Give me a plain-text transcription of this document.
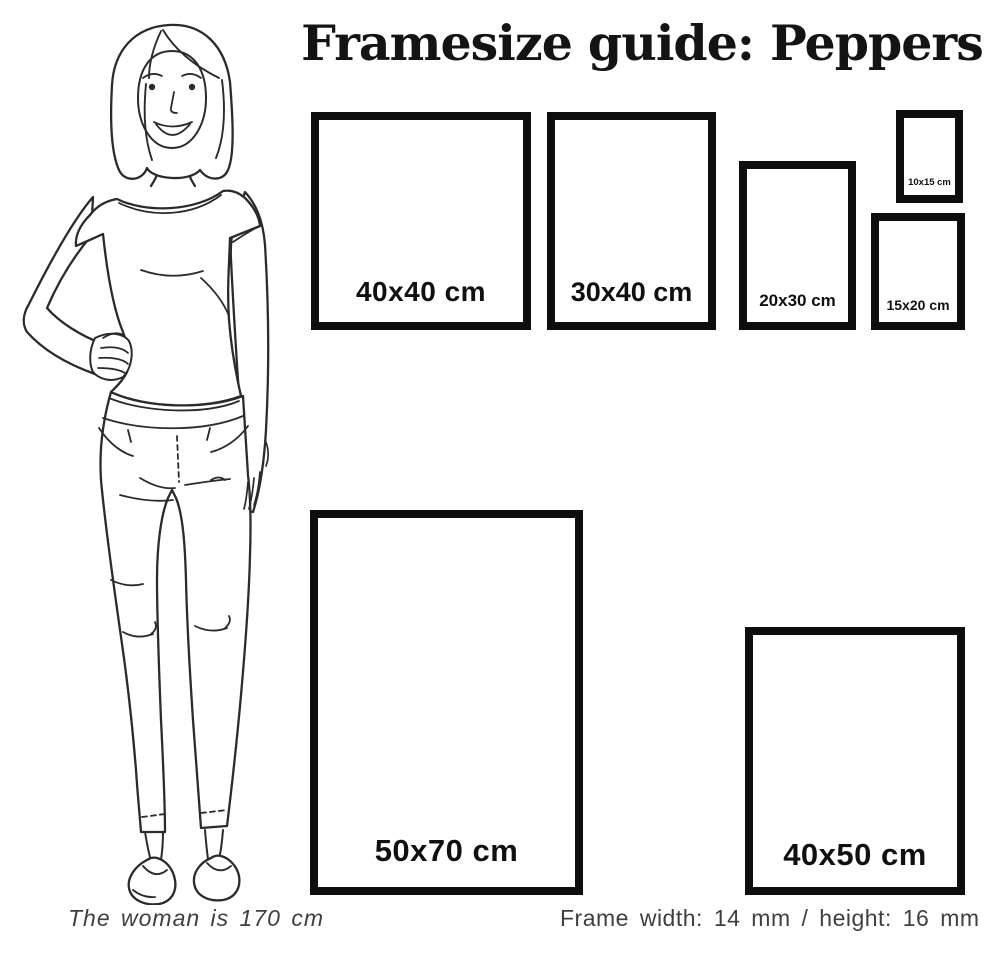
Framesize guide: Peppers
40x40 cm	30x40 cm	20x30 cm	15x20 cm
10x15 cm
50x70 cm	40x50 cm
The woman is 170 cm	Frame width: 14 mm / height: 16 mm
